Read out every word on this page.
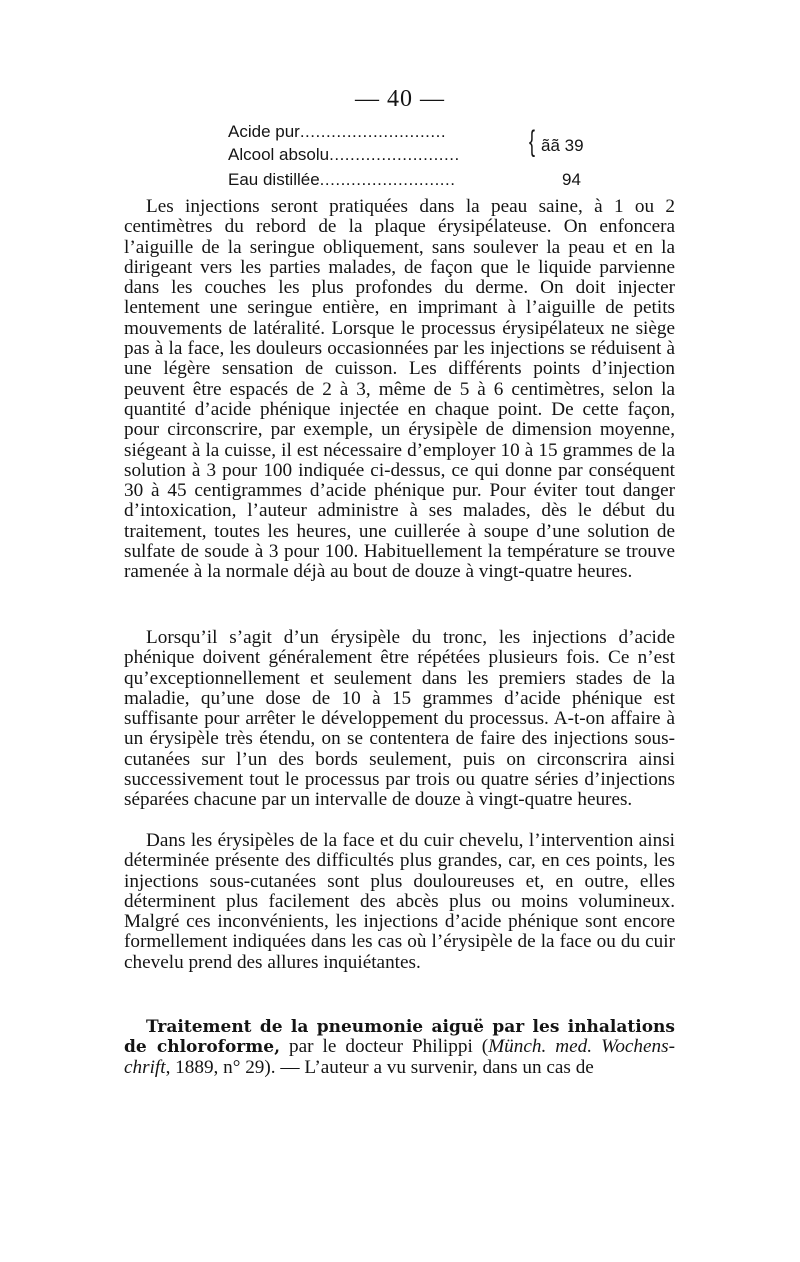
— 40 —
Acide pur............................
Alcool absolu......................... { ãã 39
Eau distillée..........................	94

Les injections seront pratiquées dans la peau saine, à 1 ou 2 centimètres du rebord de la plaque érysipélateuse. On enfoncera l’aiguille de la seringue obliquement, sans soulever la peau et en la dirigeant vers les parties malades, de façon que le liquide parvienne dans les couches les plus profondes du derme. On doit injecter lentement une seringue entière, en imprimant à l’aiguille de petits mouvements de latéralité. Lorsque le processus érysipélateux ne siège pas à la face, les douleurs occasionnées par les injections se réduisent à une légère sensation de cuisson. Les différents points d’injection peuvent être espacés de 2 à 3, même de 5 à 6 centimètres, selon la quantité d’acide phénique injectée en chaque point. De cette façon, pour circonscrire, par exemple, un érysipèle de dimension moyenne, siégeant à la cuisse, il est nécessaire d’employer 10 à 15 grammes de la solution à 3 pour 100 indiquée ci-dessus, ce qui donne par conséquent 30 à 45 centigrammes d’acide phénique pur. Pour éviter tout danger d’intoxication, l’auteur administre à ses malades, dès le début du traitement, toutes les heures, une cuillerée à soupe d’une solution de sulfate de soude à 3 pour 100. Habituellement la température se trouve ramenée à la normale déjà au bout de douze à vingt-quatre heures.

Lorsqu’il s’agit d’un érysipèle du tronc, les injections d’acide phénique doivent généralement être répétées plusieurs fois. Ce n’est qu’exceptionnellement et seulement dans les premiers stades de la maladie, qu’une dose de 10 à 15 grammes d’acide phénique est suffisante pour arrêter le développement du processus. A-t-on affaire à un érysipèle très étendu, on se contentera de faire des injections sous-cutanées sur l’un des bords seulement, puis on circonscrira ainsi successivement tout le processus par trois ou quatre séries d’injections séparées chacune par un intervalle de douze à vingt-quatre heures.

Dans les érysipèles de la face et du cuir chevelu, l’intervention ainsi déterminée présente des difficultés plus grandes, car, en ces points, les injections sous-cutanées sont plus douloureuses et, en outre, elles déterminent plus facilement des abcès plus ou moins volumineux. Malgré ces inconvénients, les injections d’acide phénique sont encore formellement indiquées dans les cas où l’érysipèle de la face ou du cuir chevelu prend des allures inquiétantes.

Traitement de la pneumonie aiguë par les inhalations de chloroforme, par le docteur Philippi (Münch. med. Wochens-chrift, 1889, n° 29). — L’auteur a vu survenir, dans un cas de
